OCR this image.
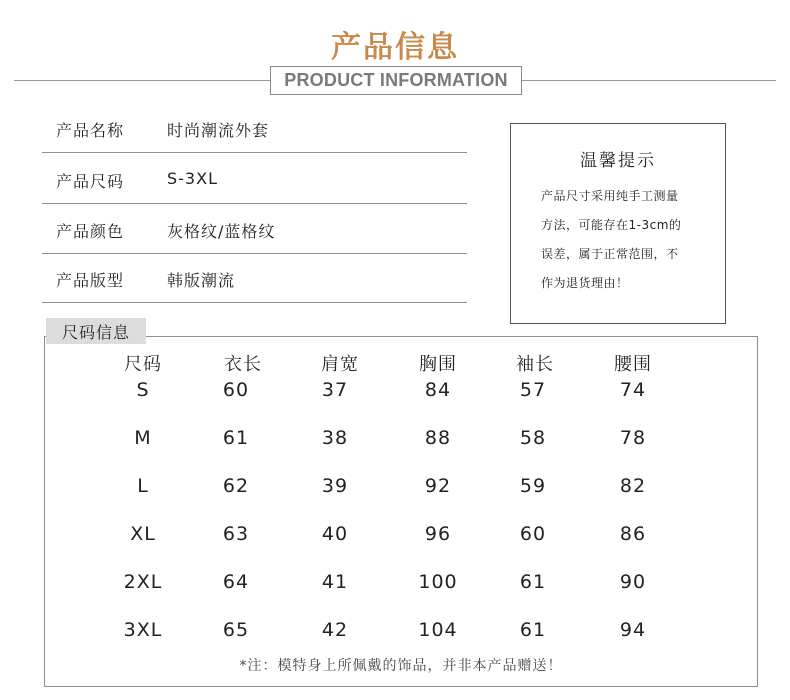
产品信息
PRODUCT INFORMATION
产品名称	时尚潮流外套
产品尺码	S-3XL
产品颜色	灰格纹/蓝格纹
产品版型	韩版潮流
温馨提示
产品尺寸采用纯手工测量
方法，可能存在1-3cm的
误差，属于正常范围，不
作为退货理由！
尺码信息
尺码	衣长	肩宽	胸围	袖长	腰围
S	60	37	84	57	74
M	61	38	88	58	78
L	62	39	92	59	82
XL	63	40	96	60	86
2XL	64	41	100	61	90
3XL	65	42	104	61	94
*注：模特身上所佩戴的饰品，并非本产品赠送！
